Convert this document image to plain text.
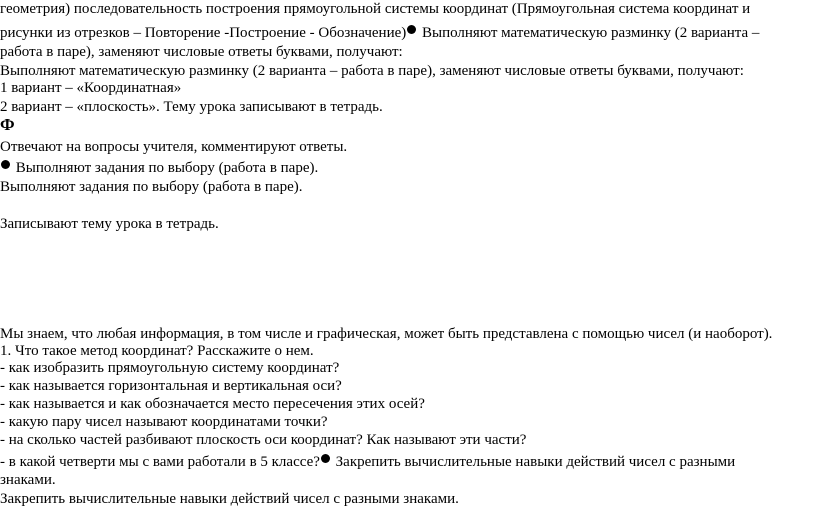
геометрия) последовательность построения прямоугольной системы координат (Прямоугольная система координат и
рисунки из отрезков – Повторение -Построение - Обозначение) Выполняют математическую разминку (2 варианта –
работа в паре), заменяют числовые ответы буквами, получают:
Выполняют математическую разминку (2 варианта – работа в паре), заменяют числовые ответы буквами, получают:
1 вариант – «Координатная»
2 вариант – «плоскость». Тему урока записывают в тетрадь.
Ф
Отвечают на вопросы учителя, комментируют ответы.
Выполняют задания по выбору (работа в паре).
Выполняют задания по выбору (работа в паре).
Записывают тему урока в тетрадь.
Мы знаем, что любая информация, в том числе и графическая, может быть представлена с помощью чисел (и наоборот).
1. Что такое метод координат? Расскажите о нем.
- как изобразить прямоугольную систему координат?
- как называется горизонтальная и вертикальная оси?
- как называется и как обозначается место пересечения этих осей?
- какую пару чисел называют координатами точки?
- на сколько частей разбивают плоскость оси координат? Как называют эти части?
- в какой четверти мы с вами работали в 5 классе? Закрепить вычислительные навыки действий чисел с разными
знаками.
Закрепить вычислительные навыки действий чисел с разными знаками.
